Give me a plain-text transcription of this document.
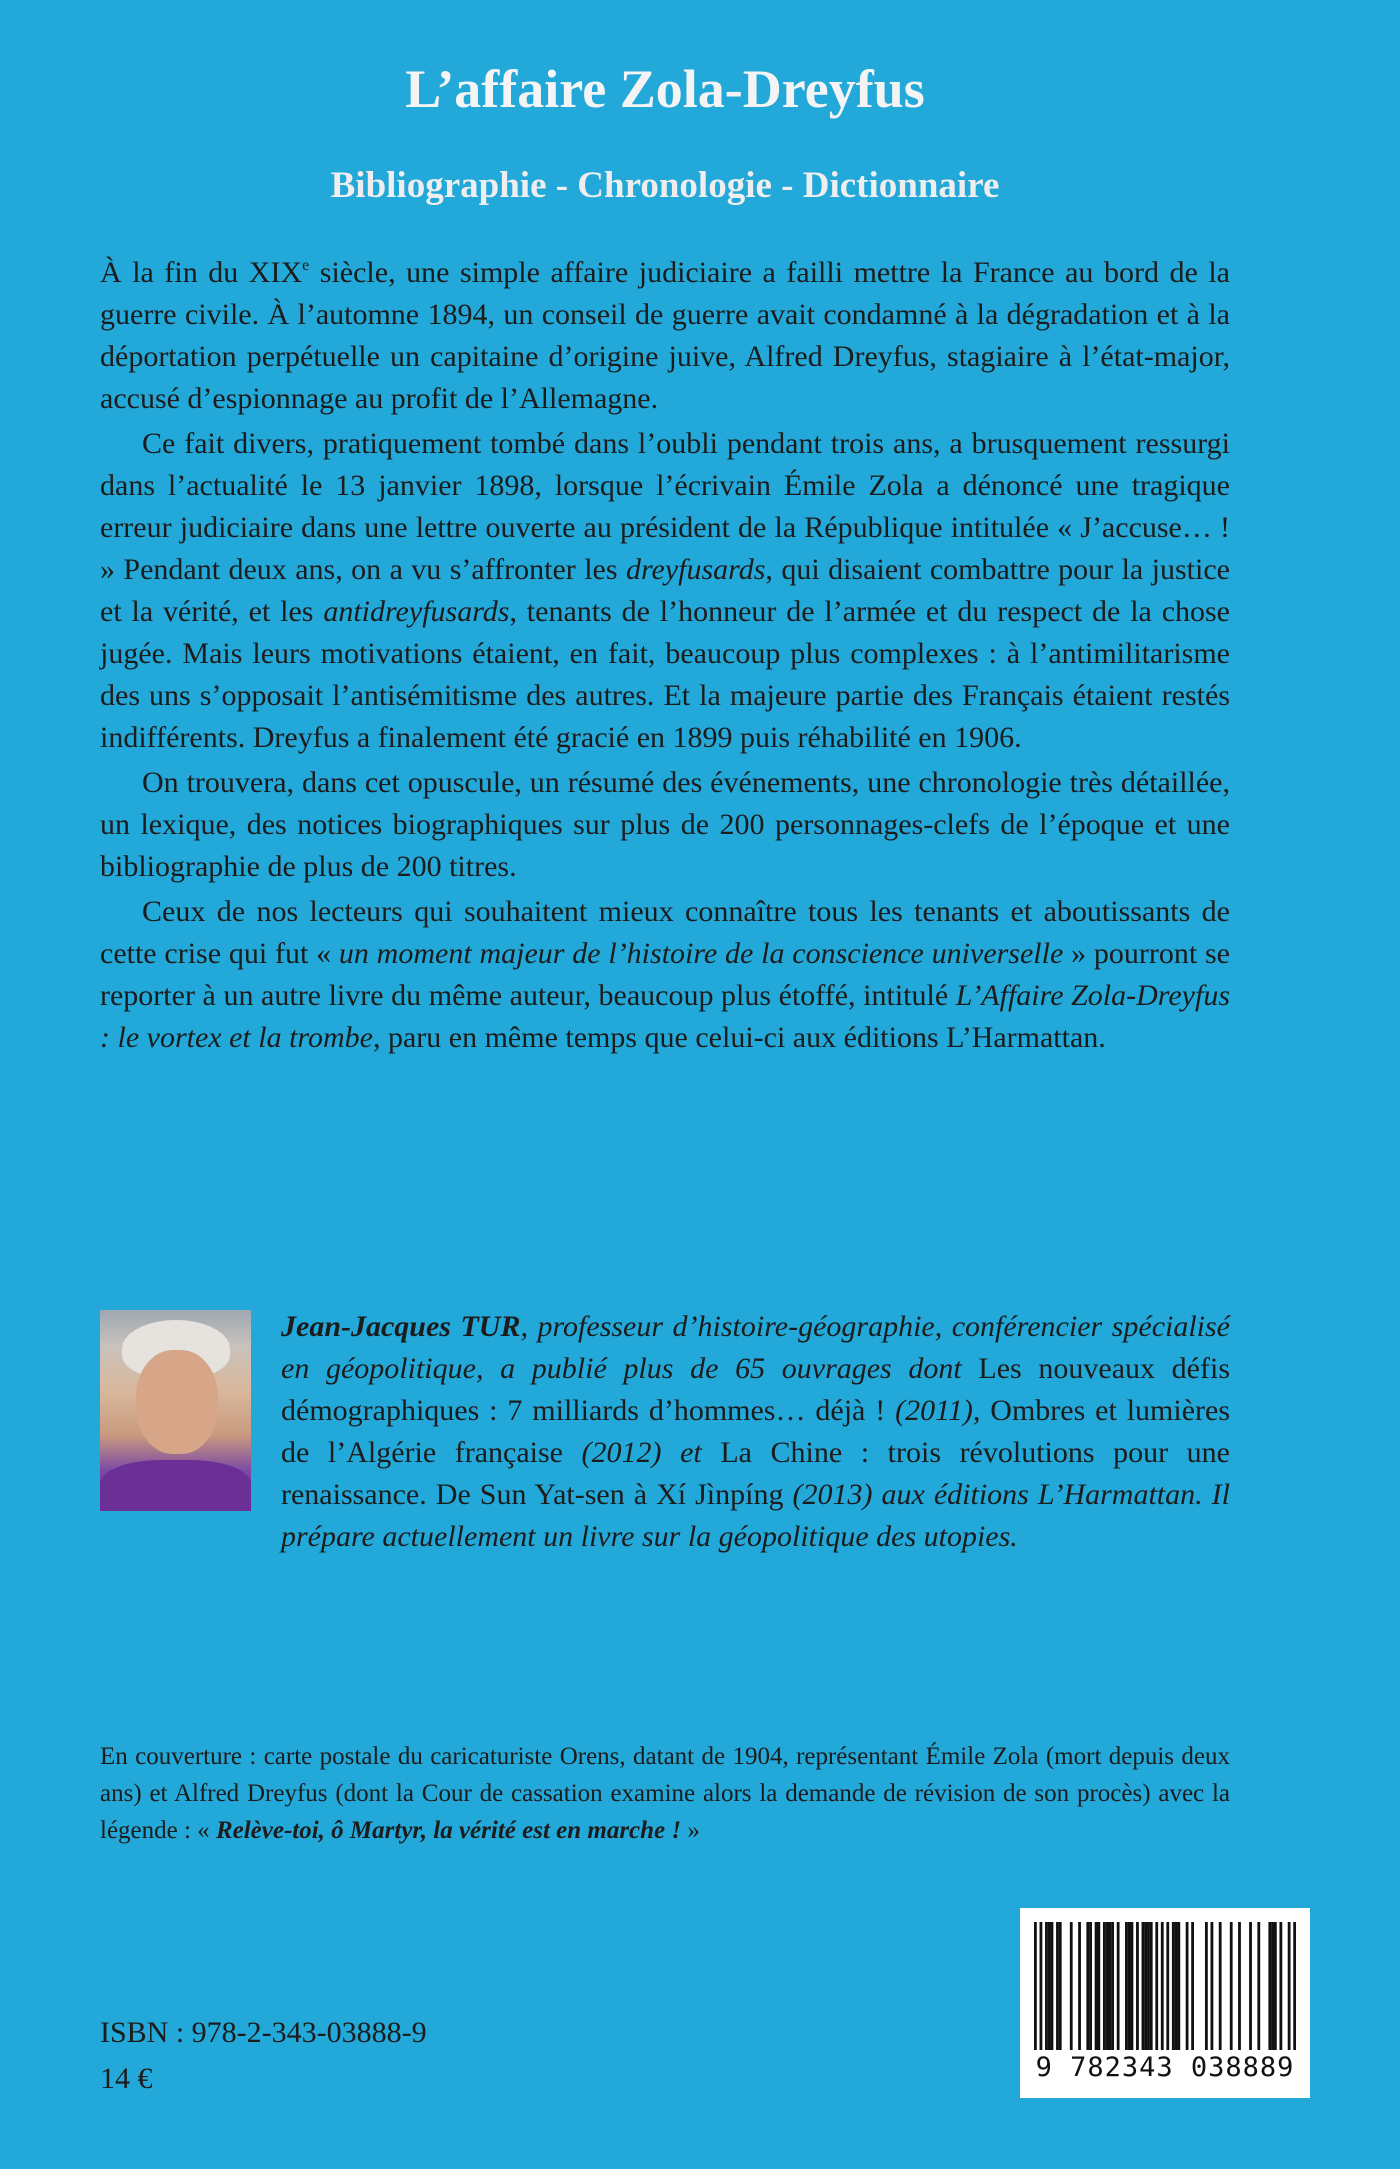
L’affaire Zola-Dreyfus
Bibliographie - Chronologie - Dictionnaire

À la fin du XIXe siècle, une simple affaire judiciaire a failli mettre la France au bord de la guerre civile. À l’automne 1894, un conseil de guerre avait condamné à la dégradation et à la déportation perpétuelle un capitaine d’origine juive, Alfred Dreyfus, stagiaire à l’état-major, accusé d’espionnage au profit de l’Allemagne.

Ce fait divers, pratiquement tombé dans l’oubli pendant trois ans, a brusquement ressurgi dans l’actualité le 13 janvier 1898, lorsque l’écrivain Émile Zola a dénoncé une tragique erreur judiciaire dans une lettre ouverte au président de la République intitulée « J’accuse… ! » Pendant deux ans, on a vu s’affronter les dreyfusards, qui disaient combattre pour la justice et la vérité, et les antidreyfusards, tenants de l’honneur de l’armée et du respect de la chose jugée. Mais leurs motivations étaient, en fait, beaucoup plus complexes : à l’antimilitarisme des uns s’opposait l’antisémitisme des autres. Et la majeure partie des Français étaient restés indifférents. Dreyfus a finalement été gracié en 1899 puis réhabilité en 1906.

On trouvera, dans cet opuscule, un résumé des événements, une chronologie très détaillée, un lexique, des notices biographiques sur plus de 200 personnages-clefs de l’époque et une bibliographie de plus de 200 titres.

Ceux de nos lecteurs qui souhaitent mieux connaître tous les tenants et aboutissants de cette crise qui fut « un moment majeur de l’histoire de la conscience universelle » pourront se reporter à un autre livre du même auteur, beaucoup plus étoffé, intitulé L’Affaire Zola-Dreyfus : le vortex et la trombe, paru en même temps que celui-ci aux éditions L’Harmattan.

Jean-Jacques TUR, professeur d’histoire-géographie, conférencier spécialisé en géopolitique, a publié plus de 65 ouvrages dont Les nouveaux défis démographiques : 7 milliards d’hommes… déjà ! (2011), Ombres et lumières de l’Algérie française (2012) et La Chine : trois révolutions pour une renaissance. De Sun Yat-sen à Xí Jìnpíng (2013) aux éditions L’Harmattan. Il prépare actuellement un livre sur la géopolitique des utopies.
En couverture : carte postale du caricaturiste Orens, datant de 1904, représentant Émile Zola (mort depuis deux ans) et Alfred Dreyfus (dont la Cour de cassation examine alors la demande de révision de son procès) avec la légende : « Relève-toi, ô Martyr, la vérité est en marche ! »

ISBN : 978-2-343-03888-9

14 €	9 782343 038889
